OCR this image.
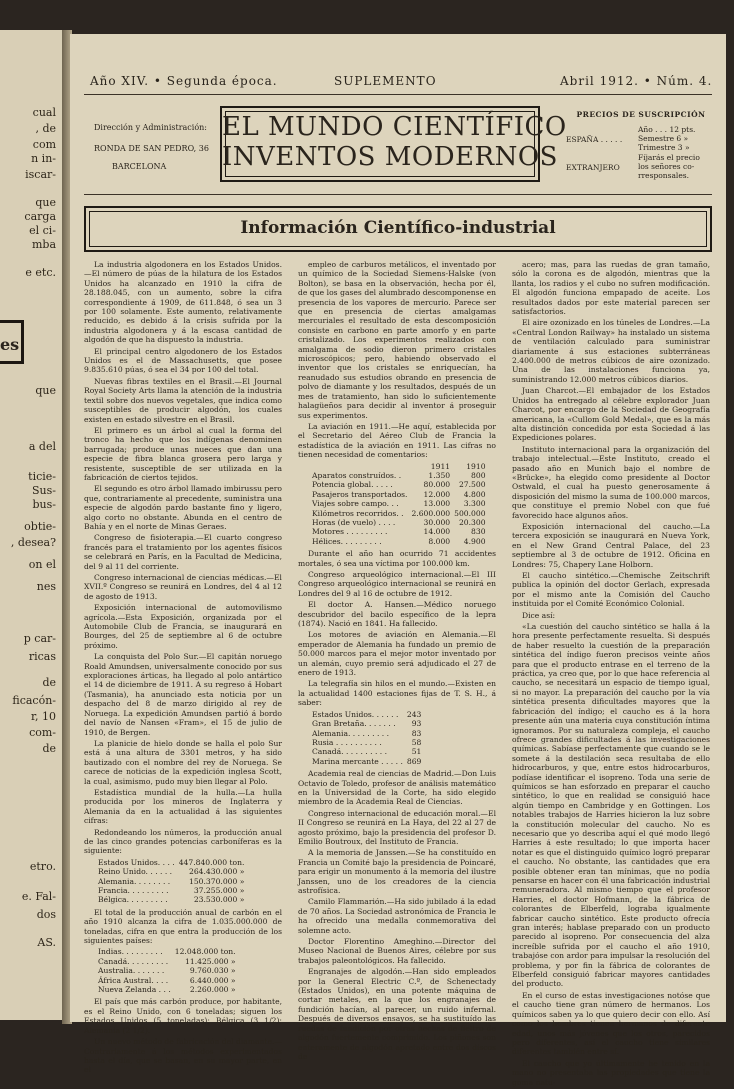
es
cual
, de
com
n in-
iscar-
que
carga
el ci-
mba
e etc.
que
a del
ticie-
Sus-
bus-
obtie-
, desea?
on el
nes
p car-
ricas
de
ficacón-
r, 10
com-
de
etro.
e. Fal-
dos
AS.
Año XIV. • Segunda época.	SUPLEMENTO	Abril 1912. • Núm. 4.
Dirección y Administración:
RONDA DE SAN PEDRO, 36
BARCELONA
EL MUNDO CIENTÍFICO
INVENTOS MODERNOS
PRECIOS DE SUSCRIPCIÓN
ESPAÑA . . . . .
Año . . . 12 pts.
Semestre 6 »
Trimestre 3 »
EXTRANJERO
Fíjarás el precio
los señores co-
rresponsales.
Información Científico-industrial

La industria algodonera en los Estados Unidos.—El número de púas de la hilatura de los Estados Unidos ha alcanzado en 1910 la cifra de 28.188.045, con un aumento, sobre la cifra correspondiente á 1909, de 611.848, ó sea un 3 por 100 solamente. Este aumento, relativamente reducido, es debido á la crisis sufrida por la industria algodonera y á la escasa cantidad de algodón de que ha dispuesto la industria.

El principal centro algodonero de los Estados Unidos es el de Massachusetts, que posee 9.835.610 púas, ó sea el 34 por 100 del total.

Nuevas fibras textiles en el Brasil.—El Journal Royal Society Arts llama la atención de la industria textil sobre dos nuevos vegetales, que indica como susceptibles de producir algodón, los cuales existen en estado silvestre en el Brasil.

El primero es un árbol al cual la forma del tronco ha hecho que los indígenas denominen barrugada; produce unas nueces que dan una especie de fibra blanca grosera pero larga y resistente, susceptible de ser utilizada en la fabricación de ciertos tejidos.

El segundo es otro árbol llamado imbirussu pero que, contrariamente al precedente, suministra una especie de algodón pardo bastante fino y ligero, algo corto no obstante. Abunda en el centro de Bahía y en el norte de Minas Geraes.

Congreso de fisioterapia.—El cuarto congreso francés para el tratamiento por los agentes físicos se celebrará en París, en la Facultad de Medicina, del 9 al 11 del corriente.

Congreso internacional de ciencias médicas.—El XVII.º Congreso se reunirá en Londres, del 4 al 12 de agosto de 1913.

Exposición internacional de automovilismo agrícola.—Esta Exposición, organizada por el Automobile Club de Francia, se inaugurará en Bourges, del 25 de septiembre al 6 de octubre próximo.

La conquista del Polo Sur.—El capitán noruego Roald Amundsen, universalmente conocido por sus exploraciones árticas, ha llegado al polo antártico el 14 de diciembre de 1911. A su regreso á Hobart (Tasmania), ha anunciado esta noticia por un despacho del 8 de marzo dirigido al rey de Noruega. La expedición Amundsen partió á bordo del navío de Nansen «Fram», el 15 de julio de 1910, de Bergen.

La planicie de hielo donde se halla el polo Sur está á una altura de 3301 metros, y ha sido bautizado con el nombre del rey de Noruega. Se carece de noticias de la expedición inglesa Scott, la cual, asimismo, pudo muy bien llegar al Polo.

Estadística mundial de la hulla.—La hulla producida por los mineros de Inglaterra y Alemania da en la actualidad á las siguientes cifras:

Redondeando los números, la producción anual de las cinco grandes potencias carboníferas es la siguiente:

Estados Unidos. . . .	447.840.000 ton.
Reino Unido. . . . . .	264.430.000 »
Alemania. . . . . . . .	150.370.000 »
Francia. . . . . . . . .	37.255.000 »
Bélgica. . . . . . . . .	23.530.000 »

El total de la producción anual de carbón en el año 1910 alcanza la cifra de 1.035.000.000 de toneladas, cifra en que entra la producción de los siguientes países:

Indias. . . . . . . . .	12.048.000 ton.
Canadá. . . . . . . . .	11.425.000 »
Australia. . . . . . .	9.760.030 »
África Austral. . . .	6.440.000 »
Nueva Zelanda . . .	2.260.000 »

El país que más carbón produce, por habitante, es el Reino Unido, con 6 toneladas; siguen los Estados Unidos (5 toneladas); Bélgica (3 1/2); Alemania (2 1/2).

Un nuevo método de fabricación del diamante.—Contrariamente á los métodos experimentados hasta el día, que se basan, en su mayor parte, en el

empleo de carburos metálicos, el inventado por un químico de la Sociedad Siemens-Halske (von Bolton), se basa en la observación, hecha por él, de que los gases del alumbrado descomponense en presencia de los vapores de mercurio. Parece ser que en presencia de ciertas amalgamas mercuriales el resultado de esta descomposición consiste en carbono en parte amorfo y en parte cristalizado. Los experimentos realizados con amalgama de sodio dieron primero cristales microscópicos; pero, habiendo observado el inventor que los cristales se enriquecían, ha reanudado sus estudios obrando en presencia de polvo de diamante y los resultados, después de un mes de tratamiento, han sido lo suficientemente halagüeños para decidir al inventor á proseguir sus experimentos.

La aviación en 1911.—He aquí, establecida por el Secretario del Aéreo Club de Francia la estadística de la aviación en 1911. Las cifras no tienen necesidad de comentarios:

	1911	1910
Aparatos construídos. .	1.350	800
Potencia global. . . . .	80.000	27.500
Pasajeros transportados.	12.000	4.800
Viajes sobre campo. . .	13.000	3.300
Kilómetros recorridos. .	2.600.000	500.000
Horas (de vuelo) . . . .	30.000	20.300
Motores . . . . . . . . .	14.000	830
Hélices. . . . . . . . .	8.000	4.900

Durante el año han ocurrido 71 accidentes mortales, ó sea una víctima por 100.000 km.

Congreso arqueológico internacional.—El III Congreso arqueológico internacional se reunirá en Londres del 9 al 16 de octubre de 1912.

El doctor A. Hansen.—Médico noruego descubridor del bacilo específico de la lepra (1874). Nació en 1841. Ha fallecido.

Los motores de aviación en Alemania.—El emperador de Alemania ha fundado un premio de 50.000 marcos para el mejor motor inventado por un alemán, cuyo premio será adjudicado el 27 de enero de 1913.

La telegrafía sin hilos en el mundo.—Existen en la actualidad 1400 estaciones fijas de T. S. H., á saber:

Estados Unidos. . . . . .	243
Gran Bretaña. . . . . . .	93
Alemania. . . . . . . . .	83
Rusia . . . . . . . . . .	58
Canadá. . . . . . . . . .	51
Marina mercante . . . . .	869

Academia real de ciencias de Madrid.—Don Luis Octavio de Toledo, profesor de análisis matemático en la Universidad de la Corte, ha sido elegido miembro de la Academia Real de Ciencias.

Congreso internacional de educación moral.—El II Congreso se reunirá en La Haya, del 22 al 27 de agosto próximo, bajo la presidencia del profesor D. Emilio Boutroux, del Instituto de Francia.

A la memoria de Janssen.—Se ha constituído en Francia un Comité bajo la presidencia de Poincaré, para erigir un monumento á la memoria del ilustre Janssen, uno de los creadores de la ciencia astrofísica.

Camilo Flammarión.—Ha sido jubilado á la edad de 70 años. La Sociedad astronómica de Francia le ha ofrecido una medalla conmemorativa del solemne acto.

Doctor Florentino Ameghino.—Director del Museo Nacional de Buenos Aires, célebre por sus trabajos paleontológicos. Ha fallecido.

Engranajes de algodón.—Han sido empleados por la General Electric C.º, de Schenectady (Estados Unidos), en una potente máquina de cortar metales, en la que los engranajes de fundición hacían, al parecer, un ruido infernal. Después de diversos ensayos, se ha sustituído las ruedas de fundición por otras hechas de fieltro de algodón fuertemente comprimido. Los piñones son enteramente de algodón apretado entre dos discos de

acero; mas, para las ruedas de gran tamaño, sólo la corona es de algodón, mientras que la llanta, los radios y el cubo no sufren modificación. El algodón funciona empapado de aceite. Los resultados dados por este material parecen ser satisfactorios.

El aire ozonizado en los túneles de Londres.—La «Central London Railway» ha instalado un sistema de ventilación calculado para suministrar diariamente á sus estaciones subterráneas 2.400.000 de metros cúbicos de aire ozonizado. Una de las instalaciones funciona ya, suministrando 12.000 metros cúbicos diarios.

Juan Charcot.—El embajador de los Estados Unidos ha entregado al célebre explorador Juan Charcot, por encargo de la Sociedad de Geografía americana, la «Cullom Gold Medal», que es la más alta distinción concedida por esta Sociedad á las Expediciones polares.

Instituto internacional para la organización del trabajo intelectual.—Este Instituto, creado el pasado año en Munich bajo el nombre de «Brücke», ha elegido como presidente al Doctor Ostwald, el cual ha puesto generosamente á disposición del mismo la suma de 100.000 marcos, que constituye el premio Nobel con que fué favorecido hace algunos años.

Exposición internacional del caucho.—La tercera exposición se inaugurará en Nueva York, en el New Grand Central Palace, del 23 septiembre al 3 de octubre de 1912. Oficina en Londres: 75, Chapery Lane Holborn.

El caucho sintético.—Chemische Zeitschrift publica la opinión del doctor Gerlach, expresada por el mismo ante la Comisión del Caucho instituida por el Comité Económico Colonial.

Dice así:

«La cuestión del caucho sintético se halla á la hora presente perfectamente resuelta. Si después de haber resuelto la cuestión de la preparación sintética del índigo fueron precisos veinte años para que el producto entrase en el terreno de la práctica, ya creo que, por lo que hace referencia al caucho, se necesitará un espacio de tiempo igual, si no mayor. La preparación del caucho por la vía sintética presenta dificultades mayores que la fabricación del índigo; el caucho es á la hora presente aún una materia cuya constitución íntima ignoramos. Por su naturaleza compleja, el caucho ofrece grandes dificultades á las investigaciones químicas. Sabíase perfectamente que cuando se le somete á la destilación seca resultaba de ello hidrocarburos, y que, entre estos hidrocarburos, podíase identificar el isopreno. Toda una serie de químicos se han esforzado en preparar el caucho sintético, lo que en realidad se consiguió hace algún tiempo en Cambridge y en Gottingen. Los notables trabajos de Harries hicieron la luz sobre la constitución molecular del caucho. No es necesario que yo describa aquí el qué modo llegó Harries á este resultado; lo que importa hacer notar es que el distinguido químico logró preparar el caucho. No obstante, las cantidades que era posible obtener eran tan mínimas, que no podía pensarse en hacer con él una fabricación industrial remuneradora. Al mismo tiempo que el profesor Harries, el doctor Hofmann, de la fábrica de colorantes de Elberfeld, lograba igualmente fabricar caucho sintético. Este producto ofrecía gran interés; hablase preparado con un producto parecido al isopreno. Por consecuencia del alza increíble sufrida por el caucho el año 1910, trabajóse con ardor para impulsar la resolución del problema, y por fin la fábrica de colorantes de Elberfeld consiguió fabricar mayores cantidades del producto.

En el curso de estas investigaciones notóse que el caucho tiene gran número de hermanos. Los químicos saben ya lo que quiero decir con ello. Así como los hombres tienen hermanos de diferente edad, unos más jóvenes que los otros, parecidos pero diferentes, así el caucho tiene similares diferentes también entre sí.

El caucho que yo últimamente he tenido en la mano no presentaba las propiedades que tiene la goma natu-
